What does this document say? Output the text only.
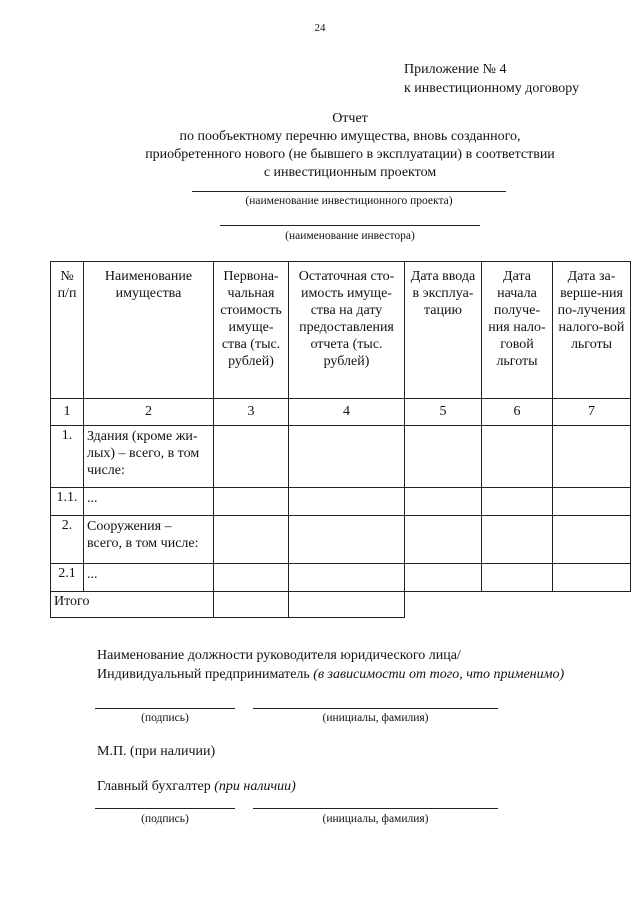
24
Приложение № 4
к инвестиционному договору
Отчет
по пообъектному перечню имущества, вновь созданного,
приобретенного нового (не бывшего в эксплуатации) в соответствии
с инвестиционным проектом
(наименование инвестиционного проекта)
(наименование инвестора)
№ п/п	Наименование имущества	Первона-чальная стоимость имуще-ства (тыс. рублей)	Остаточная сто-имость имуще-ства на дату предоставления отчета (тыс. рублей)	Дата ввода в эксплуа-тацию	Дата начала получе-ния нало-говой льготы	Дата за-верше-ния по-лучения налого-вой льготы
1	2	3	4	5	6	7
1.	Здания (кроме жи-лых) – всего, в том числе:					
1.1.	...					
2.	Сооружения – всего, в том числе:					
2.1	...					
Итого						
Наименование должности руководителя юридического лица/
Индивидуальный предприниматель (в зависимости от того, что применимо)
(подпись)	(инициалы, фамилия)
М.П. (при наличии)
Главный бухгалтер (при наличии)
(подпись)	(инициалы, фамилия)
